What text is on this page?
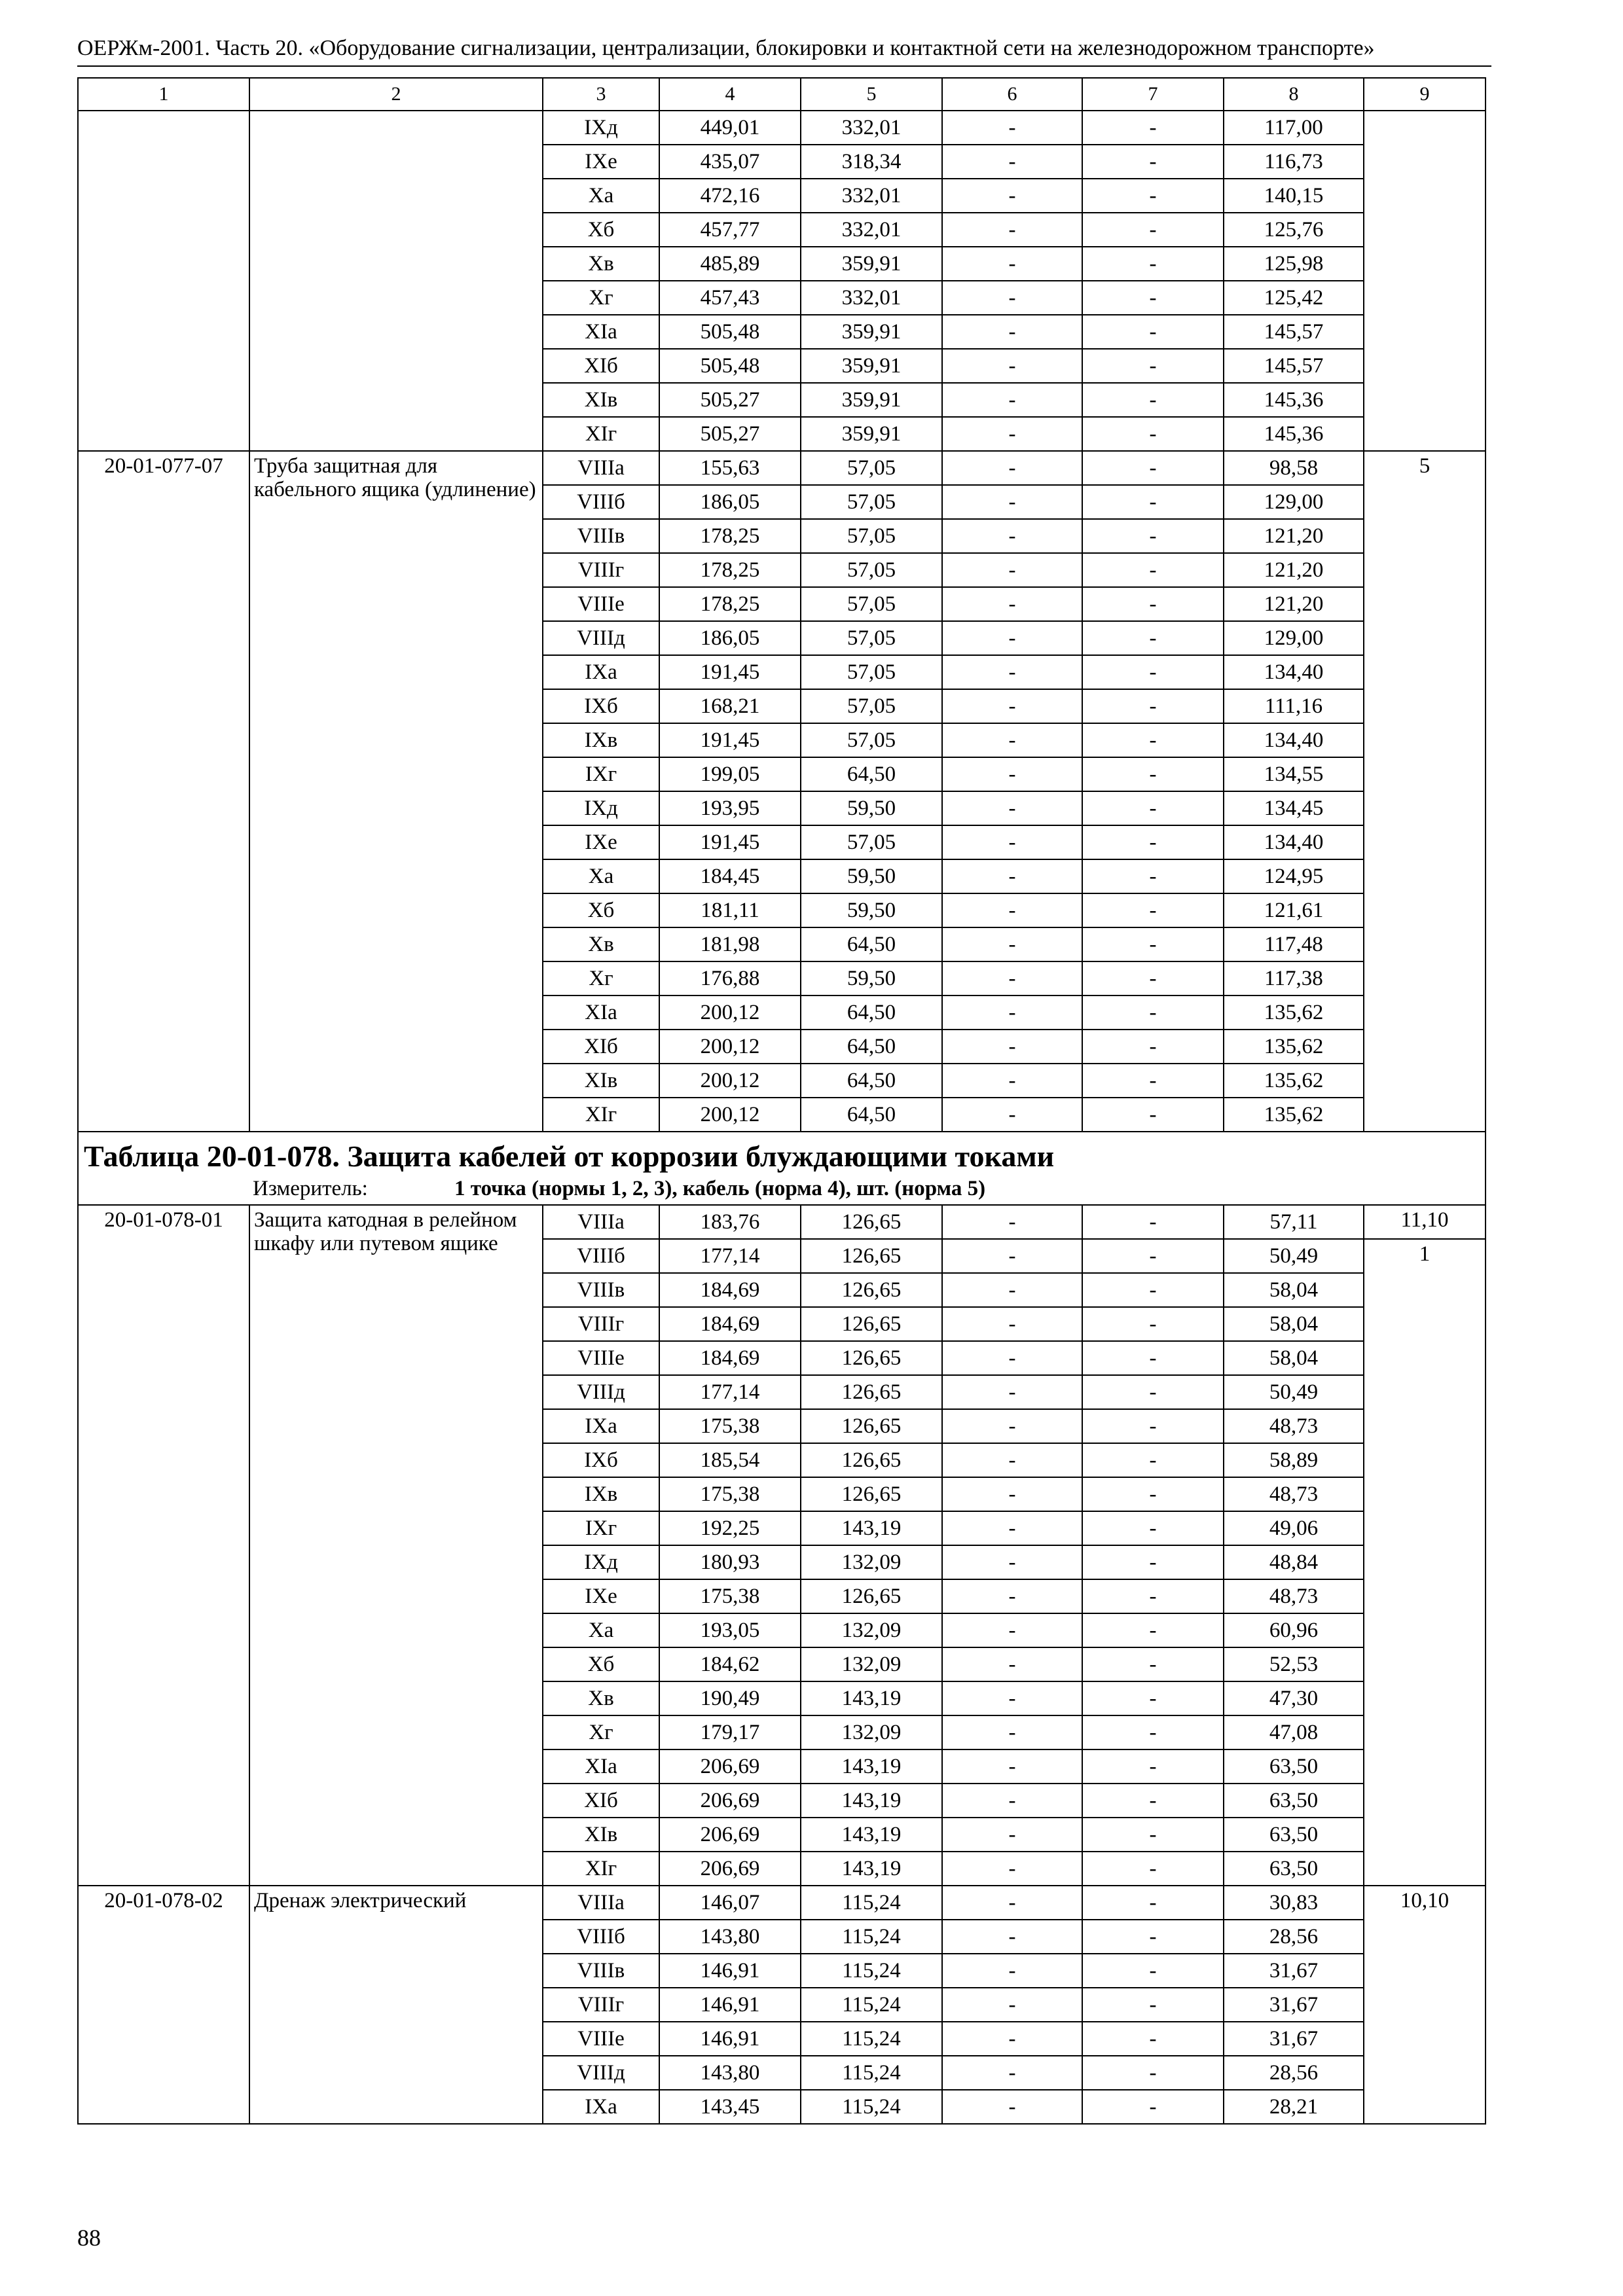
ОЕРЖм-2001. Часть 20. «Оборудование сигнализации, централизации, блокировки и контактной сети на железнодорожном транспорте»
1	2	3	4	5	6	7	8	9
		IXд	449,01	332,01	-	-	117,00	
		IXе	435,07	318,34	-	-	116,73	
		Xа	472,16	332,01	-	-	140,15	
		Xб	457,77	332,01	-	-	125,76	
		Xв	485,89	359,91	-	-	125,98	
		Xг	457,43	332,01	-	-	125,42	
		XIа	505,48	359,91	-	-	145,57	
		XIб	505,48	359,91	-	-	145,57	
		XIв	505,27	359,91	-	-	145,36	
		XIг	505,27	359,91	-	-	145,36	
20-01-077-07	Труба защитная для кабельного ящика (удлинение)	VIIIа	155,63	57,05	-	-	98,58	5
		VIIIб	186,05	57,05	-	-	129,00	
		VIIIв	178,25	57,05	-	-	121,20	
		VIIIг	178,25	57,05	-	-	121,20	
		VIIIе	178,25	57,05	-	-	121,20	
		VIIIд	186,05	57,05	-	-	129,00	
		IXа	191,45	57,05	-	-	134,40	
		IXб	168,21	57,05	-	-	111,16	
		IXв	191,45	57,05	-	-	134,40	
		IXг	199,05	64,50	-	-	134,55	
		IXд	193,95	59,50	-	-	134,45	
		IXе	191,45	57,05	-	-	134,40	
		Xа	184,45	59,50	-	-	124,95	
		Xб	181,11	59,50	-	-	121,61	
		Xв	181,98	64,50	-	-	117,48	
		Xг	176,88	59,50	-	-	117,38	
		XIа	200,12	64,50	-	-	135,62	
		XIб	200,12	64,50	-	-	135,62	
		XIв	200,12	64,50	-	-	135,62	
		XIг	200,12	64,50	-	-	135,62	

Таблица 20-01-078. Защита кабелей от коррозии блуждающими токами
Измеритель: 1 точка (нормы 1, 2, 3), кабель (норма 4), шт. (норма 5)								

20-01-078-01	Защита катодная в релейном шкафу или путевом ящике	VIIIа	183,76	126,65	-	-	57,11	11,10
		VIIIб	177,14	126,65	-	-	50,49	1
		VIIIв	184,69	126,65	-	-	58,04	
		VIIIг	184,69	126,65	-	-	58,04	
		VIIIе	184,69	126,65	-	-	58,04	
		VIIIд	177,14	126,65	-	-	50,49	
		IXа	175,38	126,65	-	-	48,73	
		IXб	185,54	126,65	-	-	58,89	
		IXв	175,38	126,65	-	-	48,73	
		IXг	192,25	143,19	-	-	49,06	
		IXд	180,93	132,09	-	-	48,84	
		IXе	175,38	126,65	-	-	48,73	
		Xа	193,05	132,09	-	-	60,96	
		Xб	184,62	132,09	-	-	52,53	
		Xв	190,49	143,19	-	-	47,30	
		Xг	179,17	132,09	-	-	47,08	
		XIа	206,69	143,19	-	-	63,50	
		XIб	206,69	143,19	-	-	63,50	
		XIв	206,69	143,19	-	-	63,50	
		XIг	206,69	143,19	-	-	63,50	
20-01-078-02	Дренаж электрический	VIIIа	146,07	115,24	-	-	30,83	10,10
		VIIIб	143,80	115,24	-	-	28,56	
		VIIIв	146,91	115,24	-	-	31,67	
		VIIIг	146,91	115,24	-	-	31,67	
		VIIIе	146,91	115,24	-	-	31,67	
		VIIIд	143,80	115,24	-	-	28,56	
		IXа	143,45	115,24	-	-	28,21	
88
